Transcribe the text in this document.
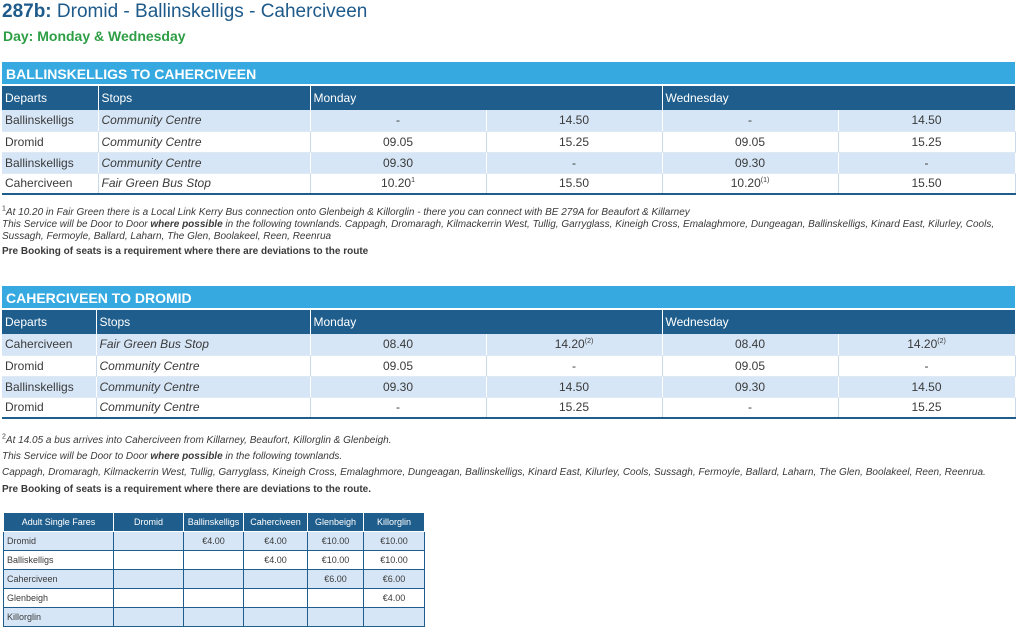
287b: Dromid - Ballinskelligs - Caherciveen
Day: Monday & Wednesday
BALLINSKELLIGS TO CAHERCIVEEN
Departs	Stops	Monday		Wednesday	
Ballinskelligs	Community Centre	-	14.50	-	14.50
Dromid	Community Centre	09.05	15.25	09.05	15.25
Ballinskelligs	Community Centre	09.30	-	09.30	-
Caherciveen	Fair Green Bus Stop	10.20$^1$	15.50	10.20$^{(1)}$	15.50
$^1$At 10.20 in Fair Green there is a Local Link Kerry Bus connection onto Glenbeigh & Killorglin - there you can connect with BE 279A for Beaufort & Killarney
This Service will be Door to Door where possible in the following townlands. Cappagh, Dromaragh, Kilmackerrin West, Tullig, Garryglass, Kineigh Cross, Emalaghmore, Dungeagan, Ballinskelligs, Kinard East, Kilurley, Cools, Sussagh, Fermoyle, Ballard, Laharn, The Glen, Boolakeel, Reen, Reenrua
Pre Booking of seats is a requirement where there are deviations to the route
CAHERCIVEEN TO DROMID
Departs	Stops	Monday		Wednesday	
Caherciveen	Fair Green Bus Stop	08.40	14.20$^{(2)}$	08.40	14.20$^{(2)}$
Dromid	Community Centre	09.05	-	09.05	-
Ballinskelligs	Community Centre	09.30	14.50	09.30	14.50
Dromid	Community Centre	-	15.25	-	15.25
$^2$At 14.05 a bus arrives into Caherciveen from Killarney, Beaufort, Killorglin & Glenbeigh.
This Service will be Door to Door where possible in the following townlands.
Cappagh, Dromaragh, Kilmackerrin West, Tullig, Garryglass, Kineigh Cross, Emalaghmore, Dungeagan, Ballinskelligs, Kinard East, Kilurley, Cools, Sussagh, Fermoyle, Ballard, Laharn, The Glen, Boolakeel, Reen, Reenrua.
Pre Booking of seats is a requirement where there are deviations to the route.
Adult Single Fares	Dromid	Ballinskelligs	Caherciveen	Glenbeigh	Killorglin
Dromid		€4.00	€4.00	€10.00	€10.00
Balliskelligs			€4.00	€10.00	€10.00
Caherciveen				€6.00	€6.00
Glenbeigh					€4.00
Killorglin					
